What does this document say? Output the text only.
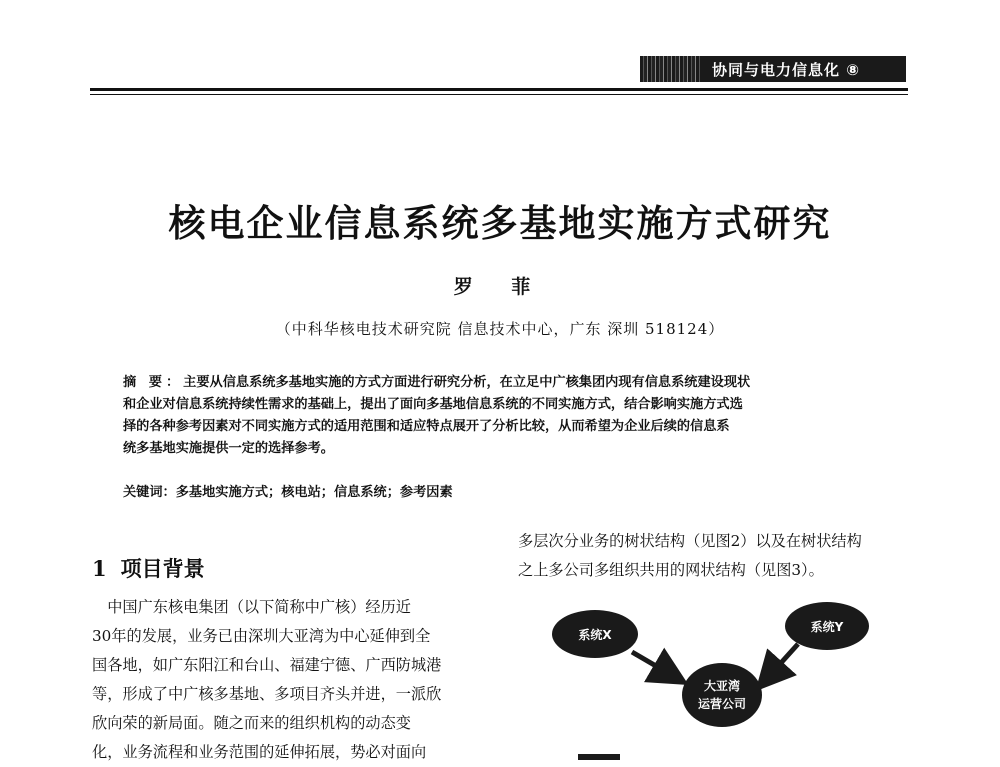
协同与电力信息化 ⑧
核电企业信息系统多基地实施方式研究
罗 菲
（中科华核电技术研究院 信息技术中心，广东 深圳 518124）
摘 要：主要从信息系统多基地实施的方式方面进行研究分析，在立足中广核集团内现有信息系统建设现状
和企业对信息系统持续性需求的基础上，提出了面向多基地信息系统的不同实施方式，结合影响实施方式选
择的各种参考因素对不同实施方式的适用范围和适应特点展开了分析比较，从而希望为企业后续的信息系
统多基地实施提供一定的选择参考。
关键词：多基地实施方式；核电站；信息系统；参考因素
1 项目背景
　中国广东核电集团（以下简称中广核）经历近
30年的发展，业务已由深圳大亚湾为中心延伸到全
国各地，如广东阳江和台山、福建宁德、广西防城港
等，形成了中广核多基地、多项目齐头并进，一派欣
欣向荣的新局面。随之而来的组织机构的动态变
化，业务流程和业务范围的延伸拓展，势必对面向
多层次分业务的树状结构（见图2）以及在树状结构
之上多公司多组织共用的网状结构（见图3）。
系统X
系统Y
大亚湾
运营公司
